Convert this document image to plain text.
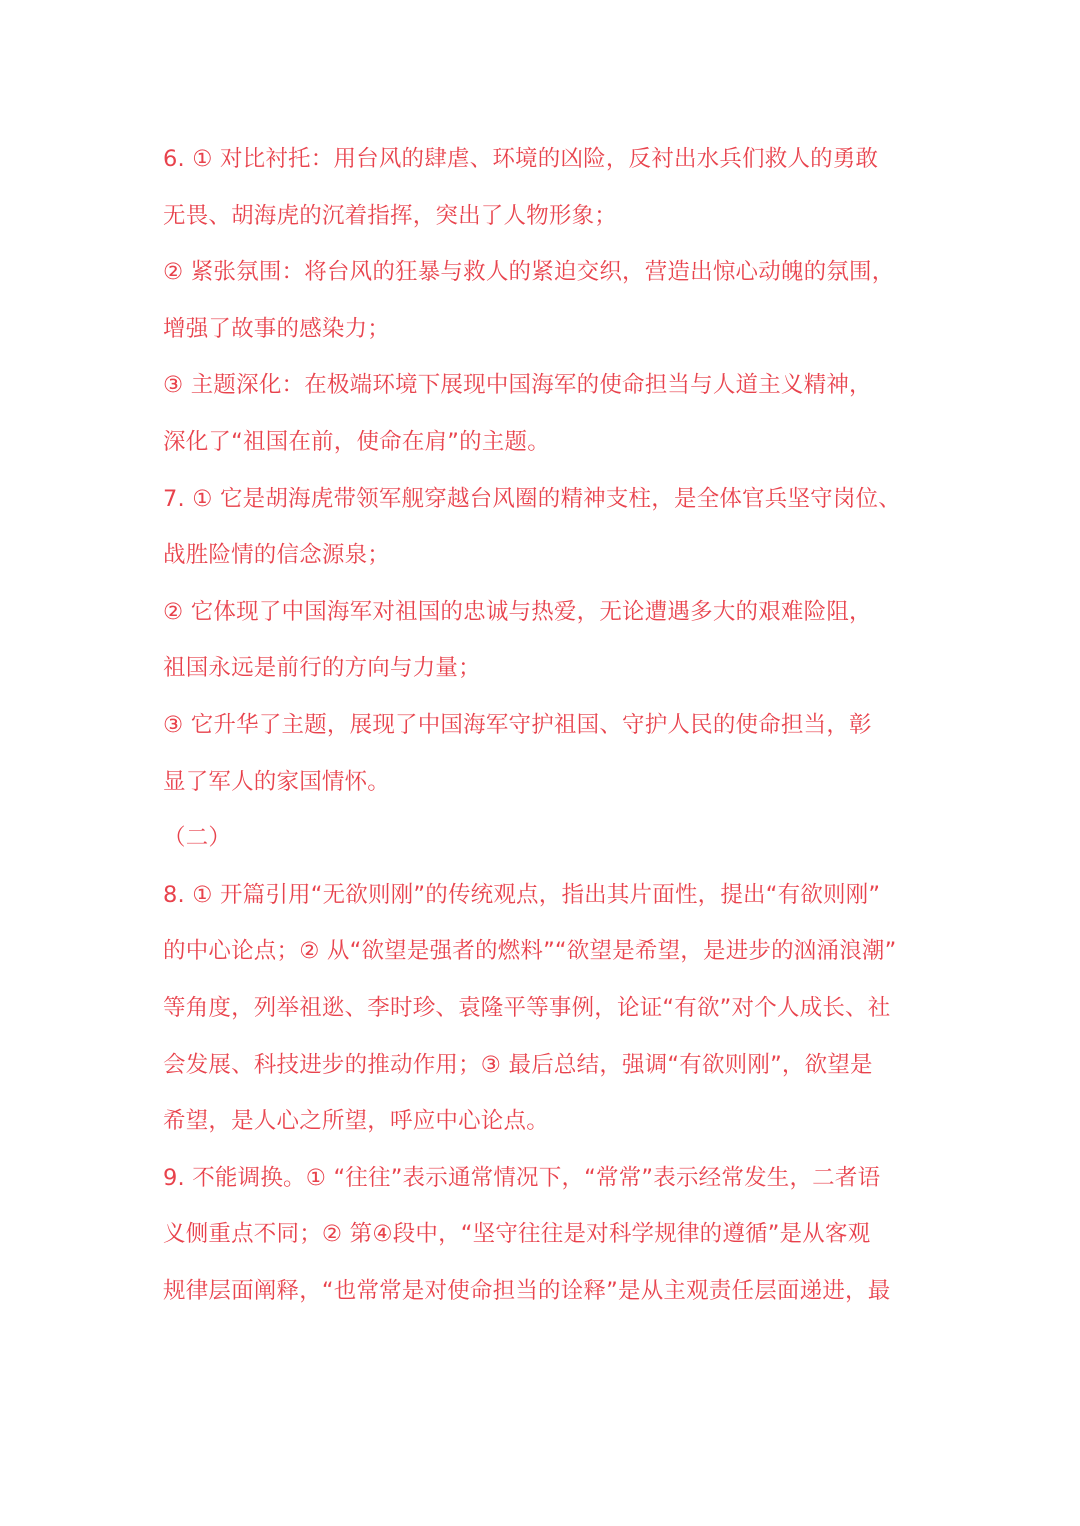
6. ① 对比衬托：用台风的肆虐、环境的凶险，反衬出水兵们救人的勇敢
无畏、胡海虎的沉着指挥，突出了人物形象；
② 紧张氛围：将台风的狂暴与救人的紧迫交织，营造出惊心动魄的氛围，
增强了故事的感染力；
③ 主题深化：在极端环境下展现中国海军的使命担当与人道主义精神，
深化了“祖国在前，使命在肩”的主题。
7. ① 它是胡海虎带领军舰穿越台风圈的精神支柱，是全体官兵坚守岗位、
战胜险情的信念源泉；
② 它体现了中国海军对祖国的忠诚与热爱，无论遭遇多大的艰难险阻，
祖国永远是前行的方向与力量；
③ 它升华了主题，展现了中国海军守护祖国、守护人民的使命担当，彰
显了军人的家国情怀。
（二）
8. ① 开篇引用“无欲则刚”的传统观点，指出其片面性，提出“有欲则刚”
的中心论点；② 从“欲望是强者的燃料”“欲望是希望，是进步的汹涌浪潮”
等角度，列举祖逖、李时珍、袁隆平等事例，论证“有欲”对个人成长、社
会发展、科技进步的推动作用；③ 最后总结，强调“有欲则刚”，欲望是
希望，是人心之所望，呼应中心论点。
9. 不能调换。① “往往”表示通常情况下，“常常”表示经常发生，二者语
义侧重点不同；② 第④段中，“坚守往往是对科学规律的遵循”是从客观
规律层面阐释，“也常常是对使命担当的诠释”是从主观责任层面递进，最
